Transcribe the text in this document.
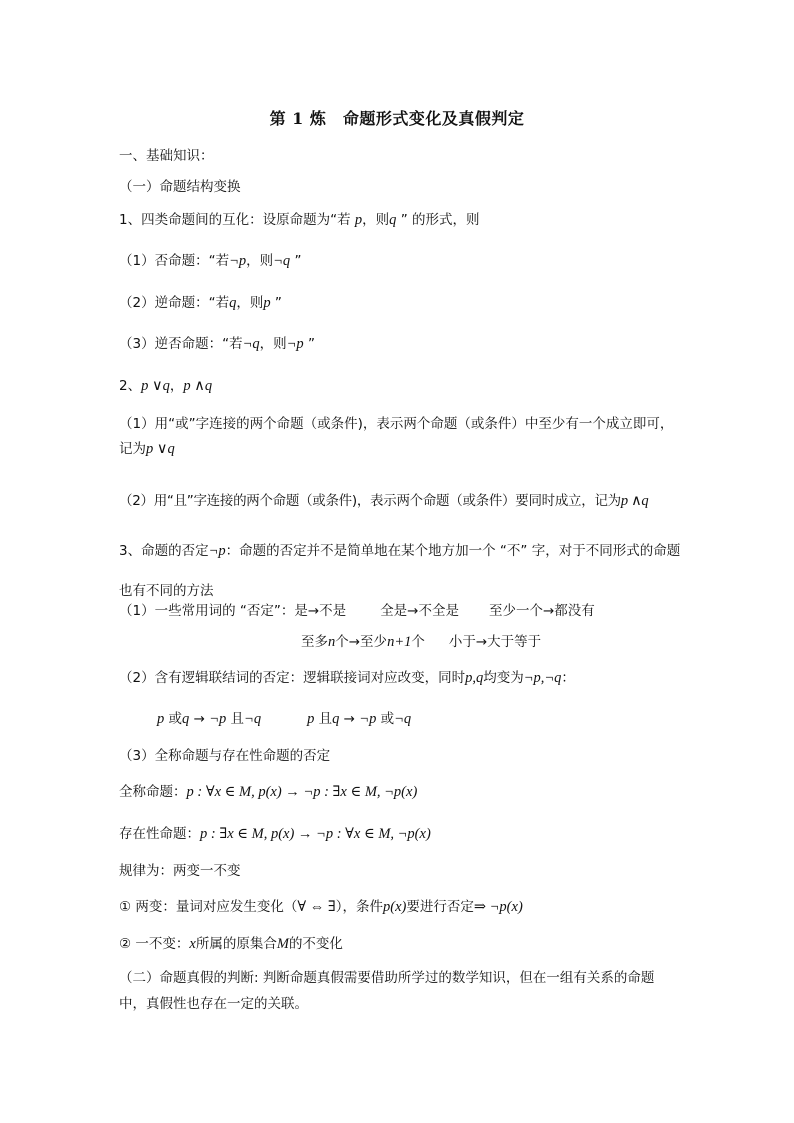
第 1 炼　命题形式变化及真假判定
一、基础知识：
（一）命题结构变换
1、四类命题间的互化：设原命题为“若 p，则q ” 的形式，则
（1）否命题：“若¬p，则¬q ”
（2）逆命题：“若q，则p ”
（3）逆否命题：“若¬q，则¬p ”
2、p ∨q，p ∧q
（1）用“或”字连接的两个命题（或条件)，表示两个命题（或条件）中至少有一个成立即可，记为p ∨q
（2）用“且”字连接的两个命题（或条件)，表示两个命题（或条件）要同时成立，记为p ∧q
3、命题的否定¬p：命题的否定并不是简单地在某个地方加一个 “不” 字，对于不同形式的命题也有不同的方法
（1）一些常用词的 “否定”：是→不是	全是→不全是 至少一个→都没有
至多n个→至少n+1个 小于→大于等于
（2）含有逻辑联结词的否定：逻辑联接词对应改变，同时p,q均变为¬p,¬q：
p 或q → ¬p 且¬q	p 且q → ¬p 或¬q
（3）全称命题与存在性命题的否定
全称命题：p : ∀x ∈ M, p(x) → ¬p : ∃x ∈ M, ¬p(x)
存在性命题：p : ∃x ∈ M, p(x) → ¬p : ∀x ∈ M, ¬p(x)
规律为：两变一不变
① 两变：量词对应发生变化（∀ ⇔ ∃），条件p(x)要进行否定⇒ ¬p(x)
② 一不变：x所属的原集合M的不变化
（二）命题真假的判断: 判断命题真假需要借助所学过的数学知识，但在一组有关系的命题中，真假性也存在一定的关联。
